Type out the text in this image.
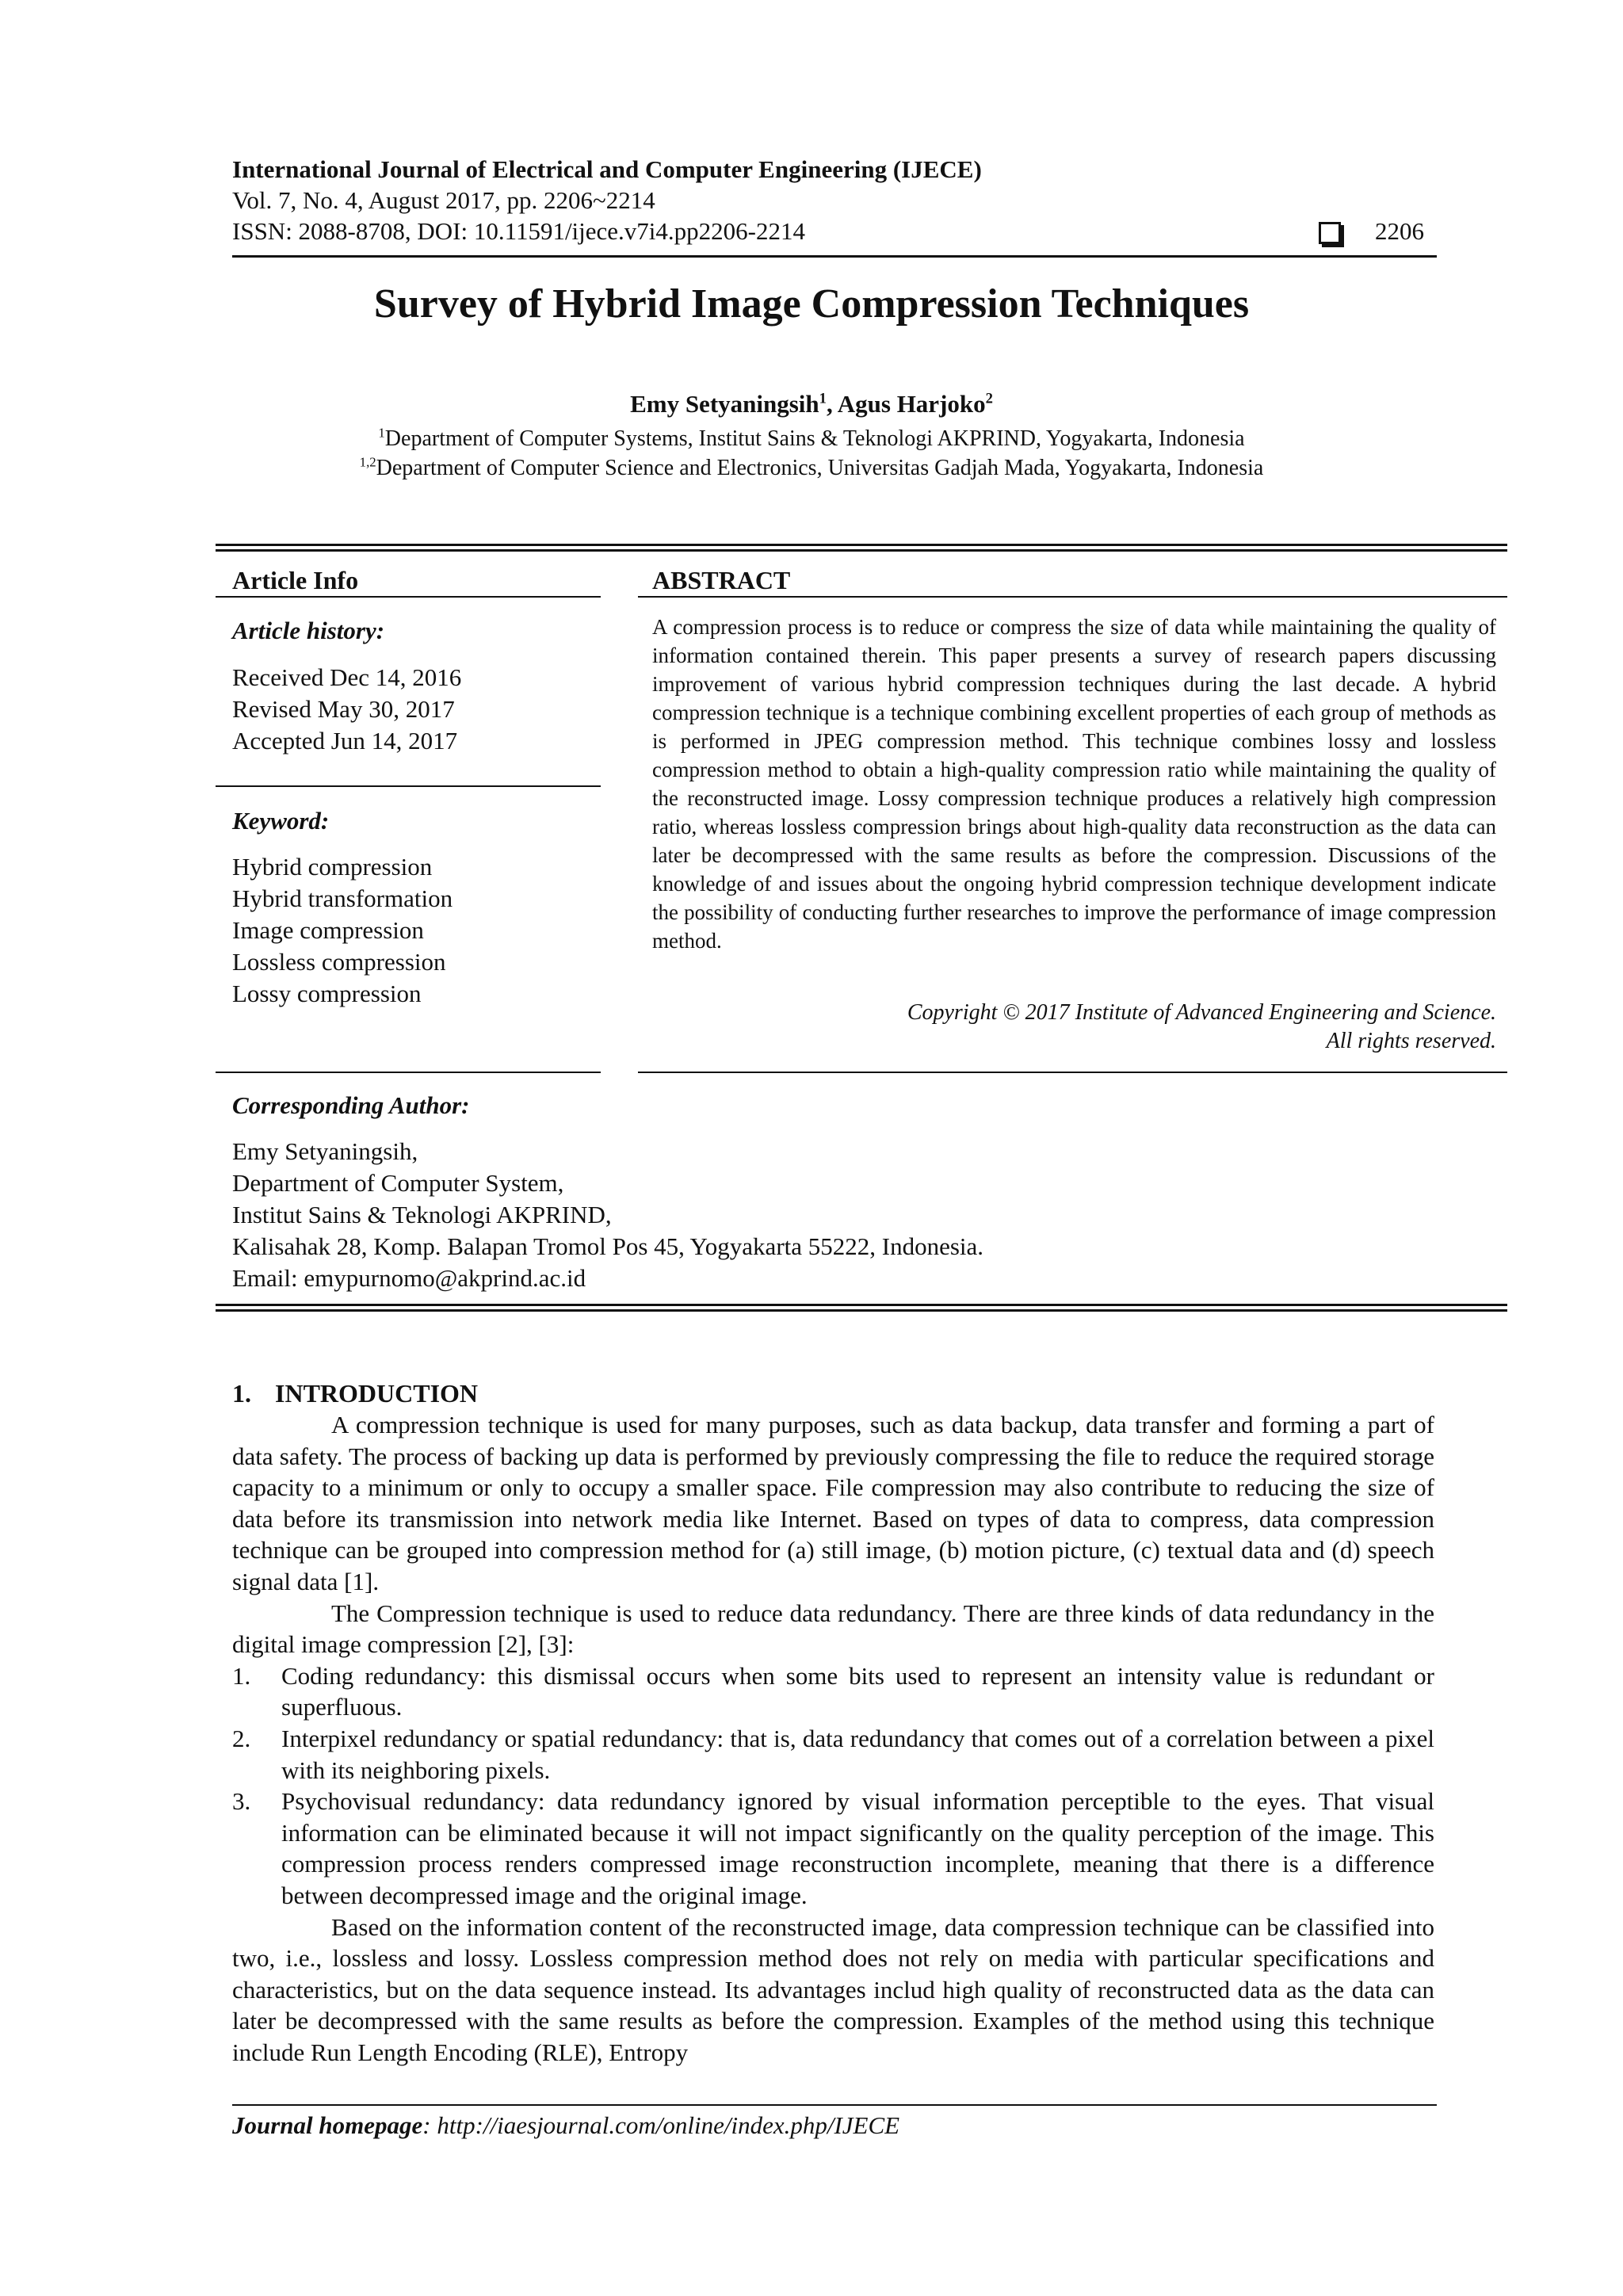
International Journal of Electrical and Computer Engineering (IJECE)
Vol. 7, No. 4, August 2017, pp. 2206~2214
ISSN: 2088-8708, DOI: 10.11591/ijece.v7i4.pp2206-2214	2206
Survey of Hybrid Image Compression Techniques
Emy Setyaningsih$^1$, Agus Harjoko$^2$
$^1$Department of Computer Systems, Institut Sains & Teknologi AKPRIND, Yogyakarta, Indonesia
$^{1,2}$Department of Computer Science and Electronics, Universitas Gadjah Mada, Yogyakarta, Indonesia
Article Info
Article history:
Received Dec 14, 2016
Revised May 30, 2017
Accepted Jun 14, 2017
Keyword:
Hybrid compression
Hybrid transformation
Image compression
Lossless compression
Lossy compression
ABSTRACT
A compression process is to reduce or compress the size of data while maintaining the quality of information contained therein. This paper presents a survey of research papers discussing improvement of various hybrid compression techniques during the last decade. A hybrid compression technique is a technique combining excellent properties of each group of methods as is performed in JPEG compression method. This technique combines lossy and lossless compression method to obtain a high-quality compression ratio while maintaining the quality of the reconstructed image. Lossy compression technique produces a relatively high compression ratio, whereas lossless compression brings about high-quality data reconstruction as the data can later be decompressed with the same results as before the compression. Discussions of the knowledge of and issues about the ongoing hybrid compression technique development indicate the possibility of conducting further researches to improve the performance of image compression method.
Copyright © 2017 Institute of Advanced Engineering and Science.
All rights reserved.
Corresponding Author:
Emy Setyaningsih,
Department of Computer System,
Institut Sains & Teknologi AKPRIND,
Kalisahak 28, Komp. Balapan Tromol Pos 45, Yogyakarta 55222, Indonesia.
Email: emypurnomo@akprind.ac.id
1. INTRODUCTION

A compression technique is used for many purposes, such as data backup, data transfer and forming a part of data safety. The process of backing up data is performed by previously compressing the file to reduce the required storage capacity to a minimum or only to occupy a smaller space. File compression may also contribute to reducing the size of data before its transmission into network media like Internet. Based on types of data to compress, data compression technique can be grouped into compression method for (a) still image, (b) motion picture, (c) textual data and (d) speech signal data [1].

The Compression technique is used to reduce data redundancy. There are three kinds of data redundancy in the digital image compression [2], [3]:

1. Coding redundancy: this dismissal occurs when some bits used to represent an intensity value is redundant or superfluous.
2. Interpixel redundancy or spatial redundancy: that is, data redundancy that comes out of a correlation between a pixel with its neighboring pixels.
3. Psychovisual redundancy: data redundancy ignored by visual information perceptible to the eyes. That visual information can be eliminated because it will not impact significantly on the quality perception of the image. This compression process renders compressed image reconstruction incomplete, meaning that there is a difference between decompressed image and the original image.

Based on the information content of the reconstructed image, data compression technique can be classified into two, i.e., lossless and lossy. Lossless compression method does not rely on media with particular specifications and characteristics, but on the data sequence instead. Its advantages includ high quality of reconstructed data as the data can later be decompressed with the same results as before the compression. Examples of the method using this technique include Run Length Encoding (RLE), Entropy

Journal homepage: http://iaesjournal.com/online/index.php/IJECE
